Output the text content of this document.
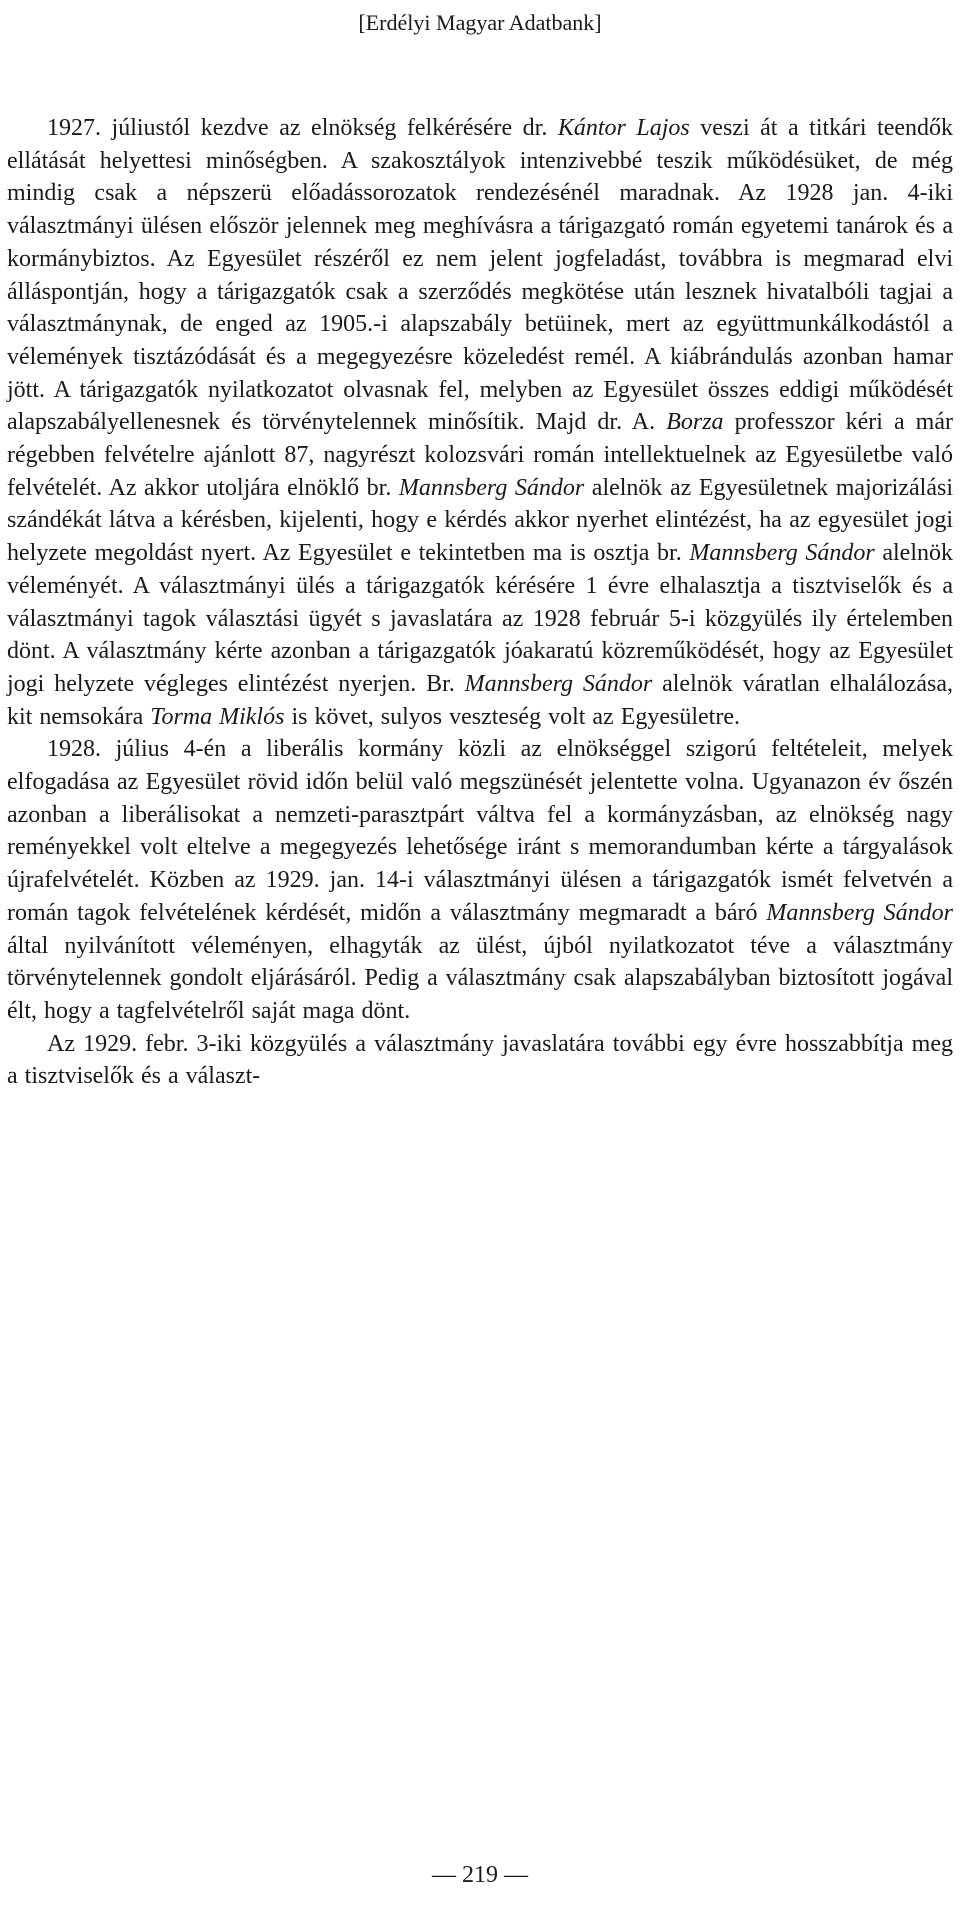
[Erdélyi Magyar Adatbank]

1927. júliustól kezdve az elnökség felkérésére dr. Kántor Lajos veszi át a titkári teendők ellátását helyettesi minőségben. A szakosztályok intenzivebbé teszik működésüket, de még mindig csak a népszerü előadássorozatok rendezésénél maradnak. Az 1928 jan. 4-iki választmányi ülésen először jelennek meg meghívásra a tárigazgató román egyetemi tanárok és a kormánybiztos. Az Egyesület részéről ez nem jelent jogfeladást, továbbra is megmarad elvi álláspontján, hogy a tárigazgatók csak a szerződés megkötése után lesznek hivatalbóli tagjai a választmánynak, de enged az 1905.-i alapszabály betüinek, mert az együttmunkálkodástól a vélemények tisztázódását és a megegyezésre közeledést remél. A kiábrándulás azonban hamar jött. A tárigazgatók nyilatkozatot olvasnak fel, melyben az Egyesület összes eddigi működését alapszabályellenesnek és törvénytelennek minősítik. Majd dr. A. Borza professzor kéri a már régebben felvételre ajánlott 87, nagyrészt kolozsvári román intellektuelnek az Egyesületbe való felvételét. Az akkor utoljára elnöklő br. Mannsberg Sándor alelnök az Egyesületnek majorizálási szándékát látva a kérésben, kijelenti, hogy e kérdés akkor nyerhet elintézést, ha az egyesület jogi helyzete megoldást nyert. Az Egyesület e tekintetben ma is osztja br. Mannsberg Sándor alelnök véleményét. A választmányi ülés a tárigazgatók kérésére 1 évre elhalasztja a tisztviselők és a választmányi tagok választási ügyét s javaslatára az 1928 február 5-i közgyülés ily értelemben dönt. A választmány kérte azonban a tárigazgatók jóakaratú közreműködését, hogy az Egyesület jogi helyzete végleges elintézést nyerjen. Br. Mannsberg Sándor alelnök váratlan elhalálozása, kit nemsokára Torma Miklós is követ, sulyos veszteség volt az Egyesületre.

1928. július 4-én a liberális kormány közli az elnökséggel szigorú feltételeit, melyek elfogadása az Egyesület rövid időn belül való megszünését jelentette volna. Ugyanazon év őszén azonban a liberálisokat a nemzeti-parasztpárt váltva fel a kormányzásban, az elnökség nagy reményekkel volt eltelve a megegyezés lehetősége iránt s memorandumban kérte a tárgyalások újrafelvételét. Közben az 1929. jan. 14-i választmányi ülésen a tárigazgatók ismét felvetvén a román tagok felvételének kérdését, midőn a választmány megmaradt a báró Mannsberg Sándor által nyilvánított véleményen, elhagyták az ülést, újból nyilatkozatot téve a választmány törvénytelennek gondolt eljárásáról. Pedig a választmány csak alapszabályban biztosított jogával élt, hogy a tagfelvételről saját maga dönt.

Az 1929. febr. 3-iki közgyülés a választmány javaslatára további egy évre hosszabbítja meg a tisztviselők és a választ-

— 219 —
